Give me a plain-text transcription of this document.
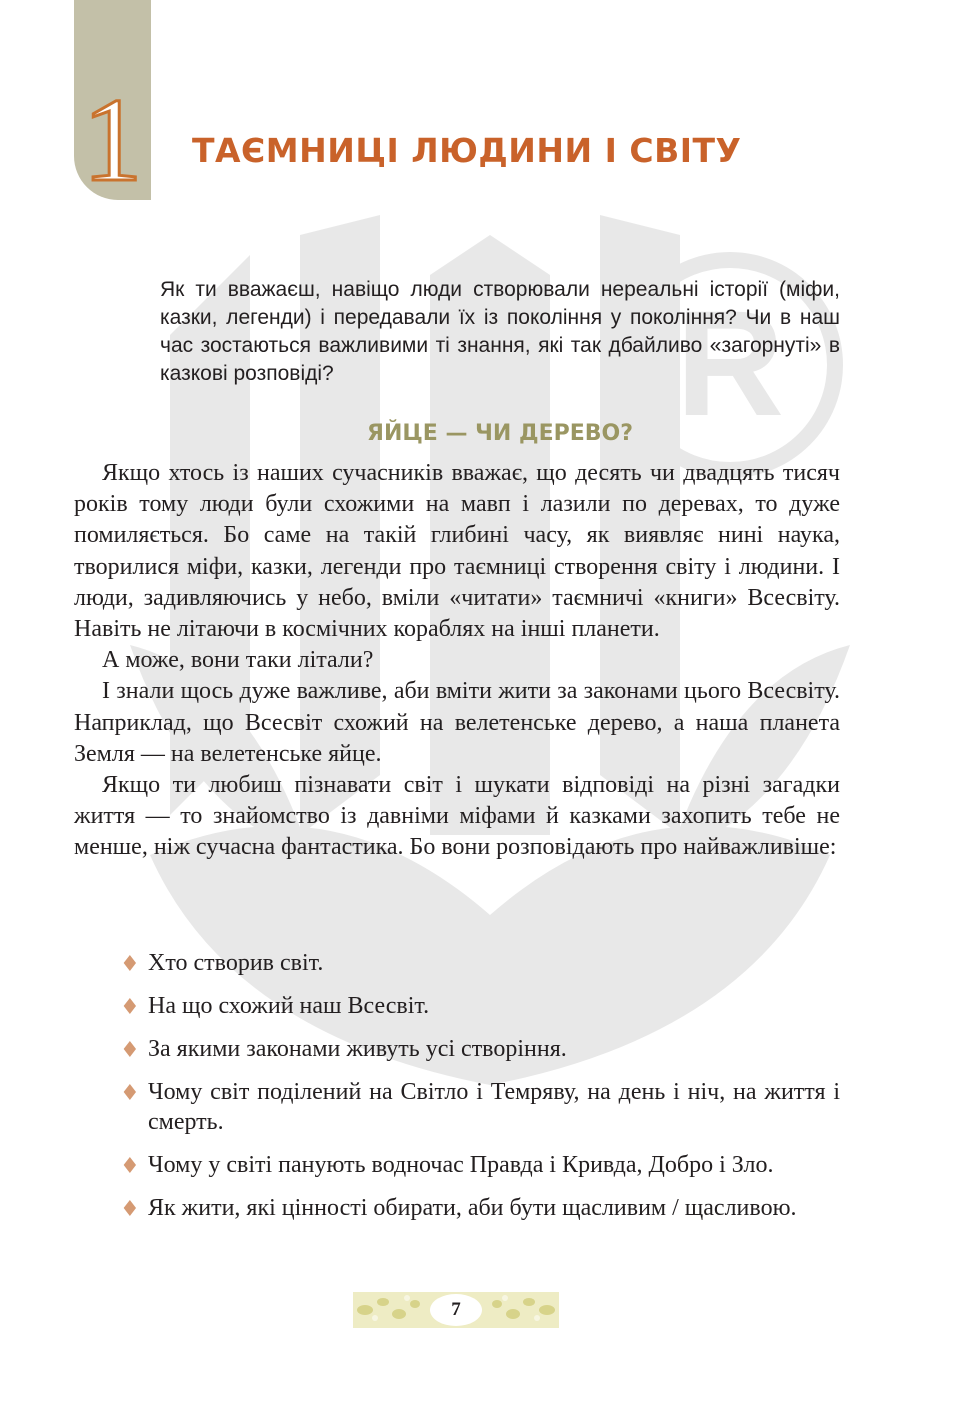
R
1 ТАЄМНИЦІ ЛЮДИНИ І СВІТУ

Як ти вважаєш, навіщо люди створювали нереальні історії (міфи, казки, легенди) і передавали їх із покоління у покоління? Чи в наш час зостаються важливими ті знання, які так дбайливо «загорнуті» в казкові розповіді?

ЯЙЦЕ — ЧИ ДЕРЕВО?

Якщо хтось із наших сучасників вважає, що десять чи двадцять тисяч років тому люди були схожими на мавп і лазили по деревах, то дуже помиляється. Бо саме на такій глибині часу, як виявляє нині наука, творилися міфи, казки, легенди про таємниці створення світу і людини. І люди, задивляючись у небо, вміли «читати» таємничі «книги» Всесвіту. Навіть не літаючи в космічних кораблях на інші планети.

А може, вони таки літали?

І знали щось дуже важливе, аби вміти жити за законами цього Всесвіту. Наприклад, що Всесвіт схожий на велетенське дерево, а наша планета Земля — на велетенське яйце.

Якщо ти любиш пізнавати світ і шукати відповіді на різні загадки життя — то знайомство із давніми міфами й казками захопить тебе не менше, ніж сучасна фантастика. Бо вони розповідають про найважливіше:

♦ Хто створив світ.
♦ На що схожий наш Всесвіт.
♦ За якими законами живуть усі створіння.
♦ Чому світ поділений на Світло і Темряву, на день і ніч, на життя і смерть.
♦ Чому у світі панують водночас Правда і Кривда, Добро і Зло.
♦ Як жити, які цінності обирати, аби бути щасливим / щасливою.
7
